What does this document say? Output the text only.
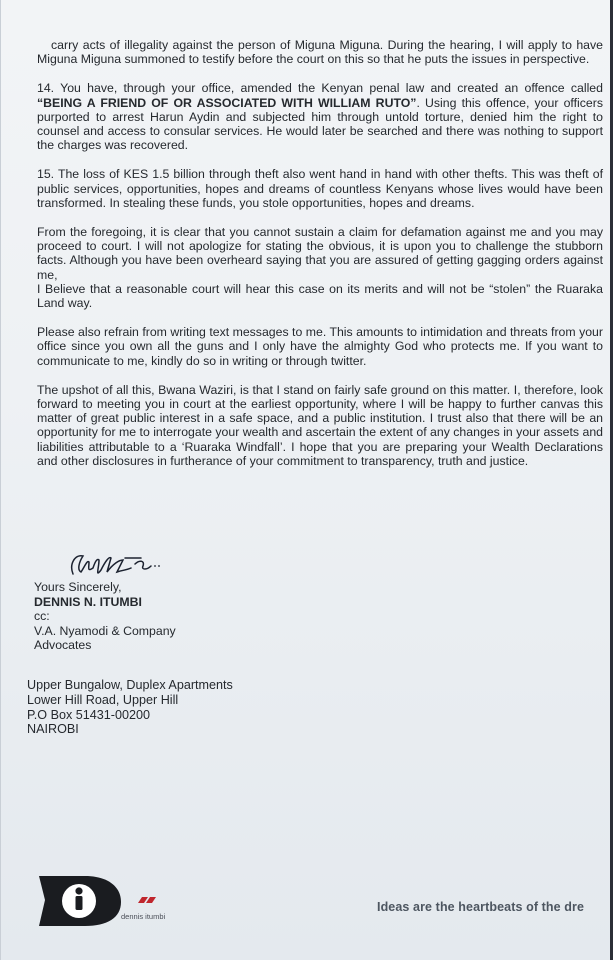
carry acts of illegality against the person of Miguna Miguna. During the hearing, I will apply to have Miguna Miguna summoned to testify before the court on this so that he puts the issues in perspective.

14. You have, through your office, amended the Kenyan penal law and created an offence called “BEING A FRIEND OF OR ASSOCIATED WITH WILLIAM RUTO”. Using this offence, your officers purported to arrest Harun Aydin and subjected him through untold torture, denied him the right to counsel and access to consular services. He would later be searched and there was nothing to support the charges was recovered.

15. The loss of KES 1.5 billion through theft also went hand in hand with other thefts. This was theft of public services, opportunities, hopes and dreams of countless Kenyans whose lives would have been transformed. In stealing these funds, you stole opportunities, hopes and dreams.

From the foregoing, it is clear that you cannot sustain a claim for defamation against me and you may proceed to court. I will not apologize for stating the obvious, it is upon you to challenge the stubborn facts. Although you have been overheard saying that you are assured of getting gagging orders against me,

I Believe that a reasonable court will hear this case on its merits and will not be “stolen” the Ruaraka Land way.

Please also refrain from writing text messages to me. This amounts to intimidation and threats from your office since you own all the guns and I only have the almighty God who protects me. If you want to communicate to me, kindly do so in writing or through twitter.

The upshot of all this, Bwana Waziri, is that I stand on fairly safe ground on this matter. I, therefore, look forward to meeting you in court at the earliest opportunity, where I will be happy to further canvas this matter of great public interest in a safe space, and a public institution. I trust also that there will be an opportunity for me to interrogate your wealth and ascertain the extent of any changes in your assets and liabilities attributable to a ‘Ruaraka Windfall’. I hope that you are preparing your Wealth Declarations and other disclosures in furtherance of your commitment to transparency, truth and justice.

Yours Sincerely,
DENNIS N. ITUMBI
cc:
V.A. Nyamodi & Company
Advocates
Upper Bungalow, Duplex Apartments
Lower Hill Road, Upper Hill
P.O Box 51431-00200
NAIROBI
dennis itumbi
Ideas are the heartbeats of the dre
